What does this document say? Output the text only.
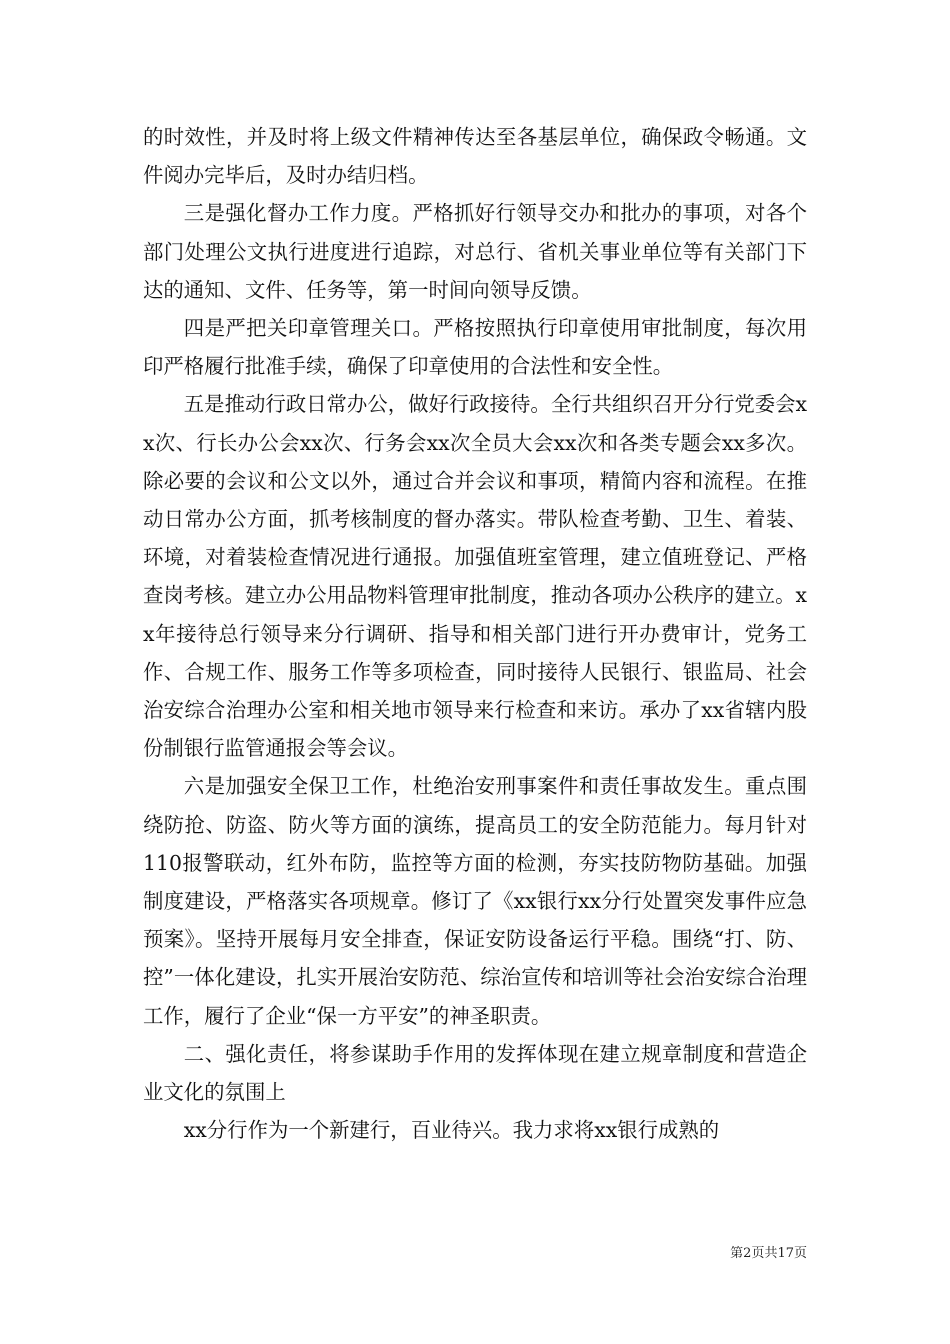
的时效性，并及时将上级文件精神传达至各基层单位，确保政令畅通。文件阅办完毕后，及时办结归档。

三是强化督办工作力度。严格抓好行领导交办和批办的事项，对各个部门处理公文执行进度进行追踪，对总行、省机关事业单位等有关部门下达的通知、文件、任务等，第一时间向领导反馈。

四是严把关印章管理关口。严格按照执行印章使用审批制度，每次用印严格履行批准手续，确保了印章使用的合法性和安全性。

五是推动行政日常办公，做好行政接待。全行共组织召开分行党委会xx次、行长办公会xx次、行务会xx次全员大会xx次和各类专题会xx多次。除必要的会议和公文以外，通过合并会议和事项，精简内容和流程。在推动日常办公方面，抓考核制度的督办落实。带队检查考勤、卫生、着装、环境，对着装检查情况进行通报。加强值班室管理，建立值班登记、严格查岗考核。建立办公用品物料管理审批制度，推动各项办公秩序的建立。xx年接待总行领导来分行调研、指导和相关部门进行开办费审计，党务工作、合规工作、服务工作等多项检查，同时接待人民银行、银监局、社会治安综合治理办公室和相关地市领导来行检查和来访。承办了xx省辖内股份制银行监管通报会等会议。

六是加强安全保卫工作，杜绝治安刑事案件和责任事故发生。重点围绕防抢、防盗、防火等方面的演练，提高员工的安全防范能力。每月针对110报警联动，红外布防，监控等方面的检测，夯实技防物防基础。加强制度建设，严格落实各项规章。修订了《xx银行xx分行处置突发事件应急预案》。坚持开展每月安全排查，保证安防设备运行平稳。围绕“打、防、控”一体化建设，扎实开展治安防范、综治宣传和培训等社会治安综合治理工作，履行了企业“保一方平安”的神圣职责。

二、强化责任，将参谋助手作用的发挥体现在建立规章制度和营造企业文化的氛围上

xx分行作为一个新建行，百业待兴。我力求将xx银行成熟的

第2页共17页
